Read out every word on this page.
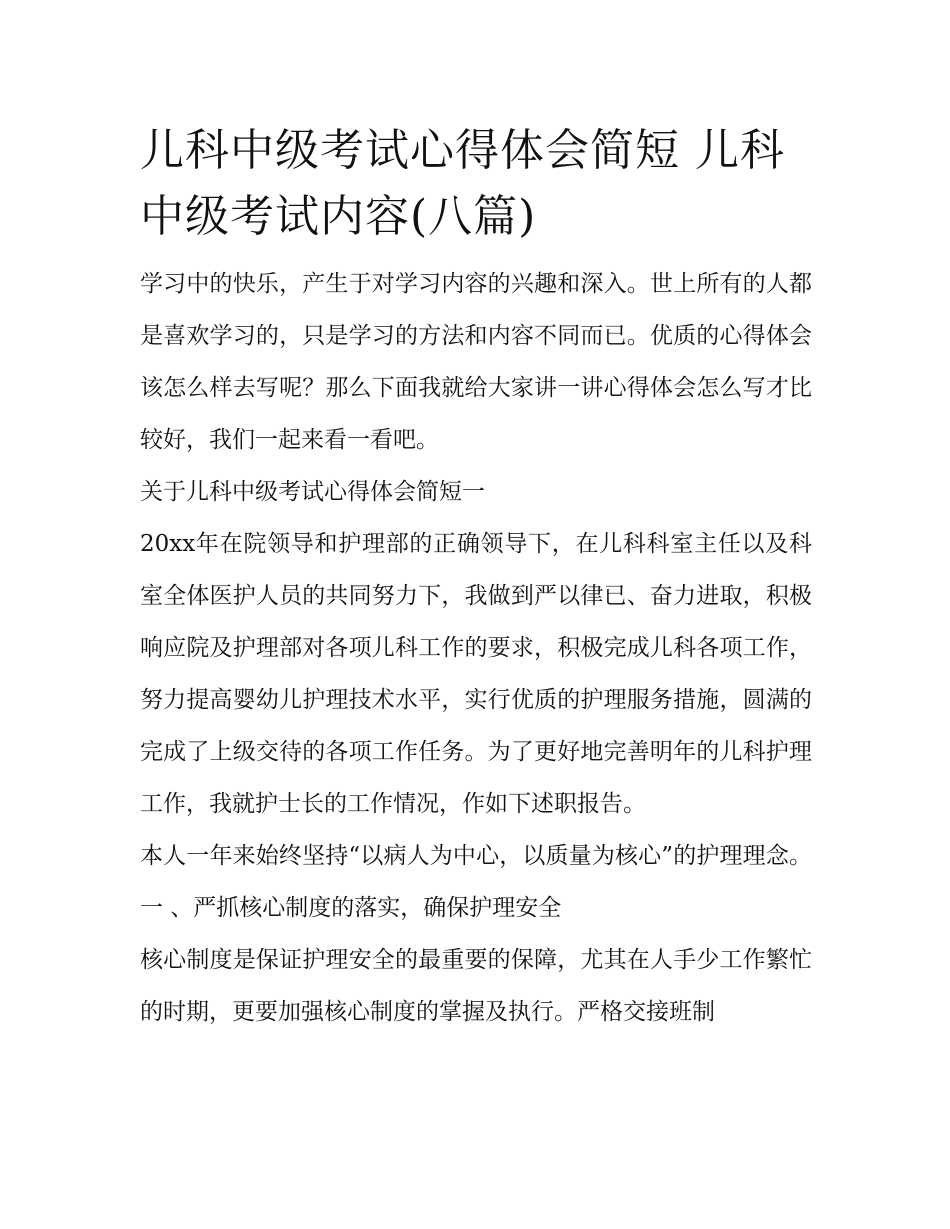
儿科中级考试心得体会简短 儿科中级考试内容(八篇)

学习中的快乐，产生于对学习内容的兴趣和深入。世上所有的人都是喜欢学习的，只是学习的方法和内容不同而已。优质的心得体会该怎么样去写呢？那么下面我就给大家讲一讲心得体会怎么写才比较好，我们一起来看一看吧。

关于儿科中级考试心得体会简短一

20xx年在院领导和护理部的正确领导下，在儿科科室主任以及科室全体医护人员的共同努力下，我做到严以律已、奋力进取，积极响应院及护理部对各项儿科工作的要求，积极完成儿科各项工作，努力提高婴幼儿护理技术水平，实行优质的护理服务措施，圆满的完成了上级交待的各项工作任务。为了更好地完善明年的儿科护理工作，我就护士长的工作情况，作如下述职报告。

本人一年来始终坚持“以病人为中心，以质量为核心”的护理理念。 一 、严抓核心制度的落实，确保护理安全

核心制度是保证护理安全的最重要的保障，尤其在人手少工作繁忙的时期，更要加强核心制度的掌握及执行。严格交接班制
